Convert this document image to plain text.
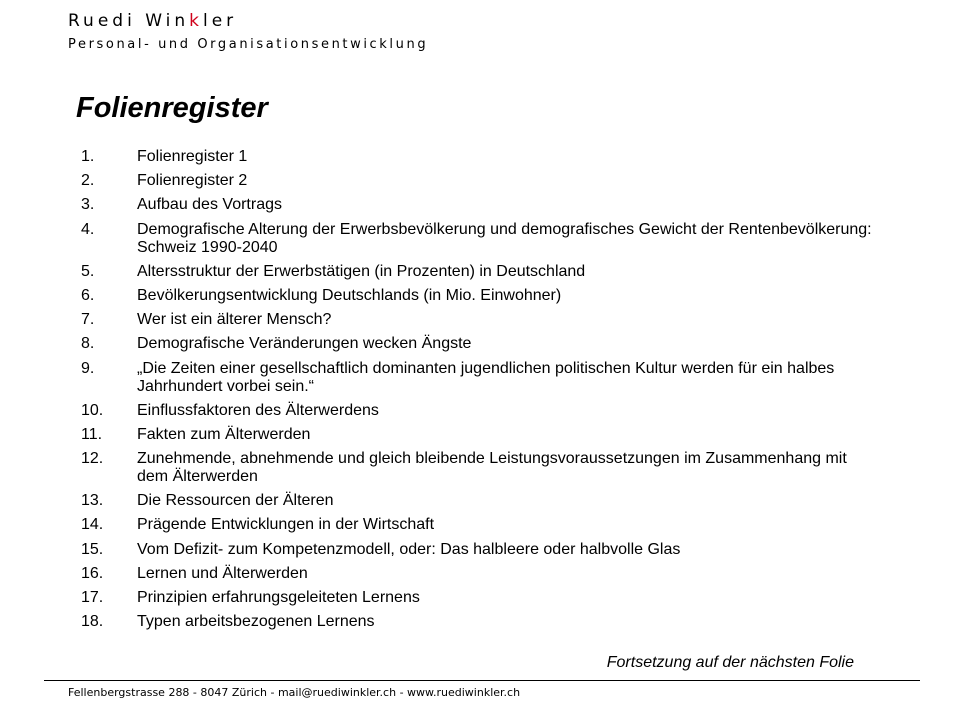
Ruedi Winkler
Personal- und Organisationsentwicklung
Folienregister
1.	Folienregister 1
2.	Folienregister 2
3.	Aufbau des Vortrags
4.	Demografische Alterung der Erwerbsbevölkerung und demografisches Gewicht der Rentenbevölkerung: Schweiz 1990-2040
5.	Altersstruktur der Erwerbstätigen (in Prozenten) in Deutschland
6.	Bevölkerungsentwicklung Deutschlands (in Mio. Einwohner)
7.	Wer ist ein älterer Mensch?
8.	Demografische Veränderungen wecken Ängste
9.	„Die Zeiten einer gesellschaftlich dominanten jugendlichen politischen Kultur werden für ein halbes Jahrhundert vorbei sein.“
10.	Einflussfaktoren des Älterwerdens
11.	Fakten zum Älterwerden
12.	Zunehmende, abnehmende und gleich bleibende Leistungsvoraussetzungen im Zusammenhang mit dem Älterwerden
13.	Die Ressourcen der Älteren
14.	Prägende Entwicklungen in der Wirtschaft
15.	Vom Defizit- zum Kompetenzmodell, oder: Das halbleere oder halbvolle Glas
16.	Lernen und Älterwerden
17.	Prinzipien erfahrungsgeleiteten Lernens
18.	Typen arbeitsbezogenen Lernens
Fortsetzung auf der nächsten Folie
Fellenbergstrasse 288 - 8047 Zürich - mail@ruediwinkler.ch - www.ruediwinkler.ch
